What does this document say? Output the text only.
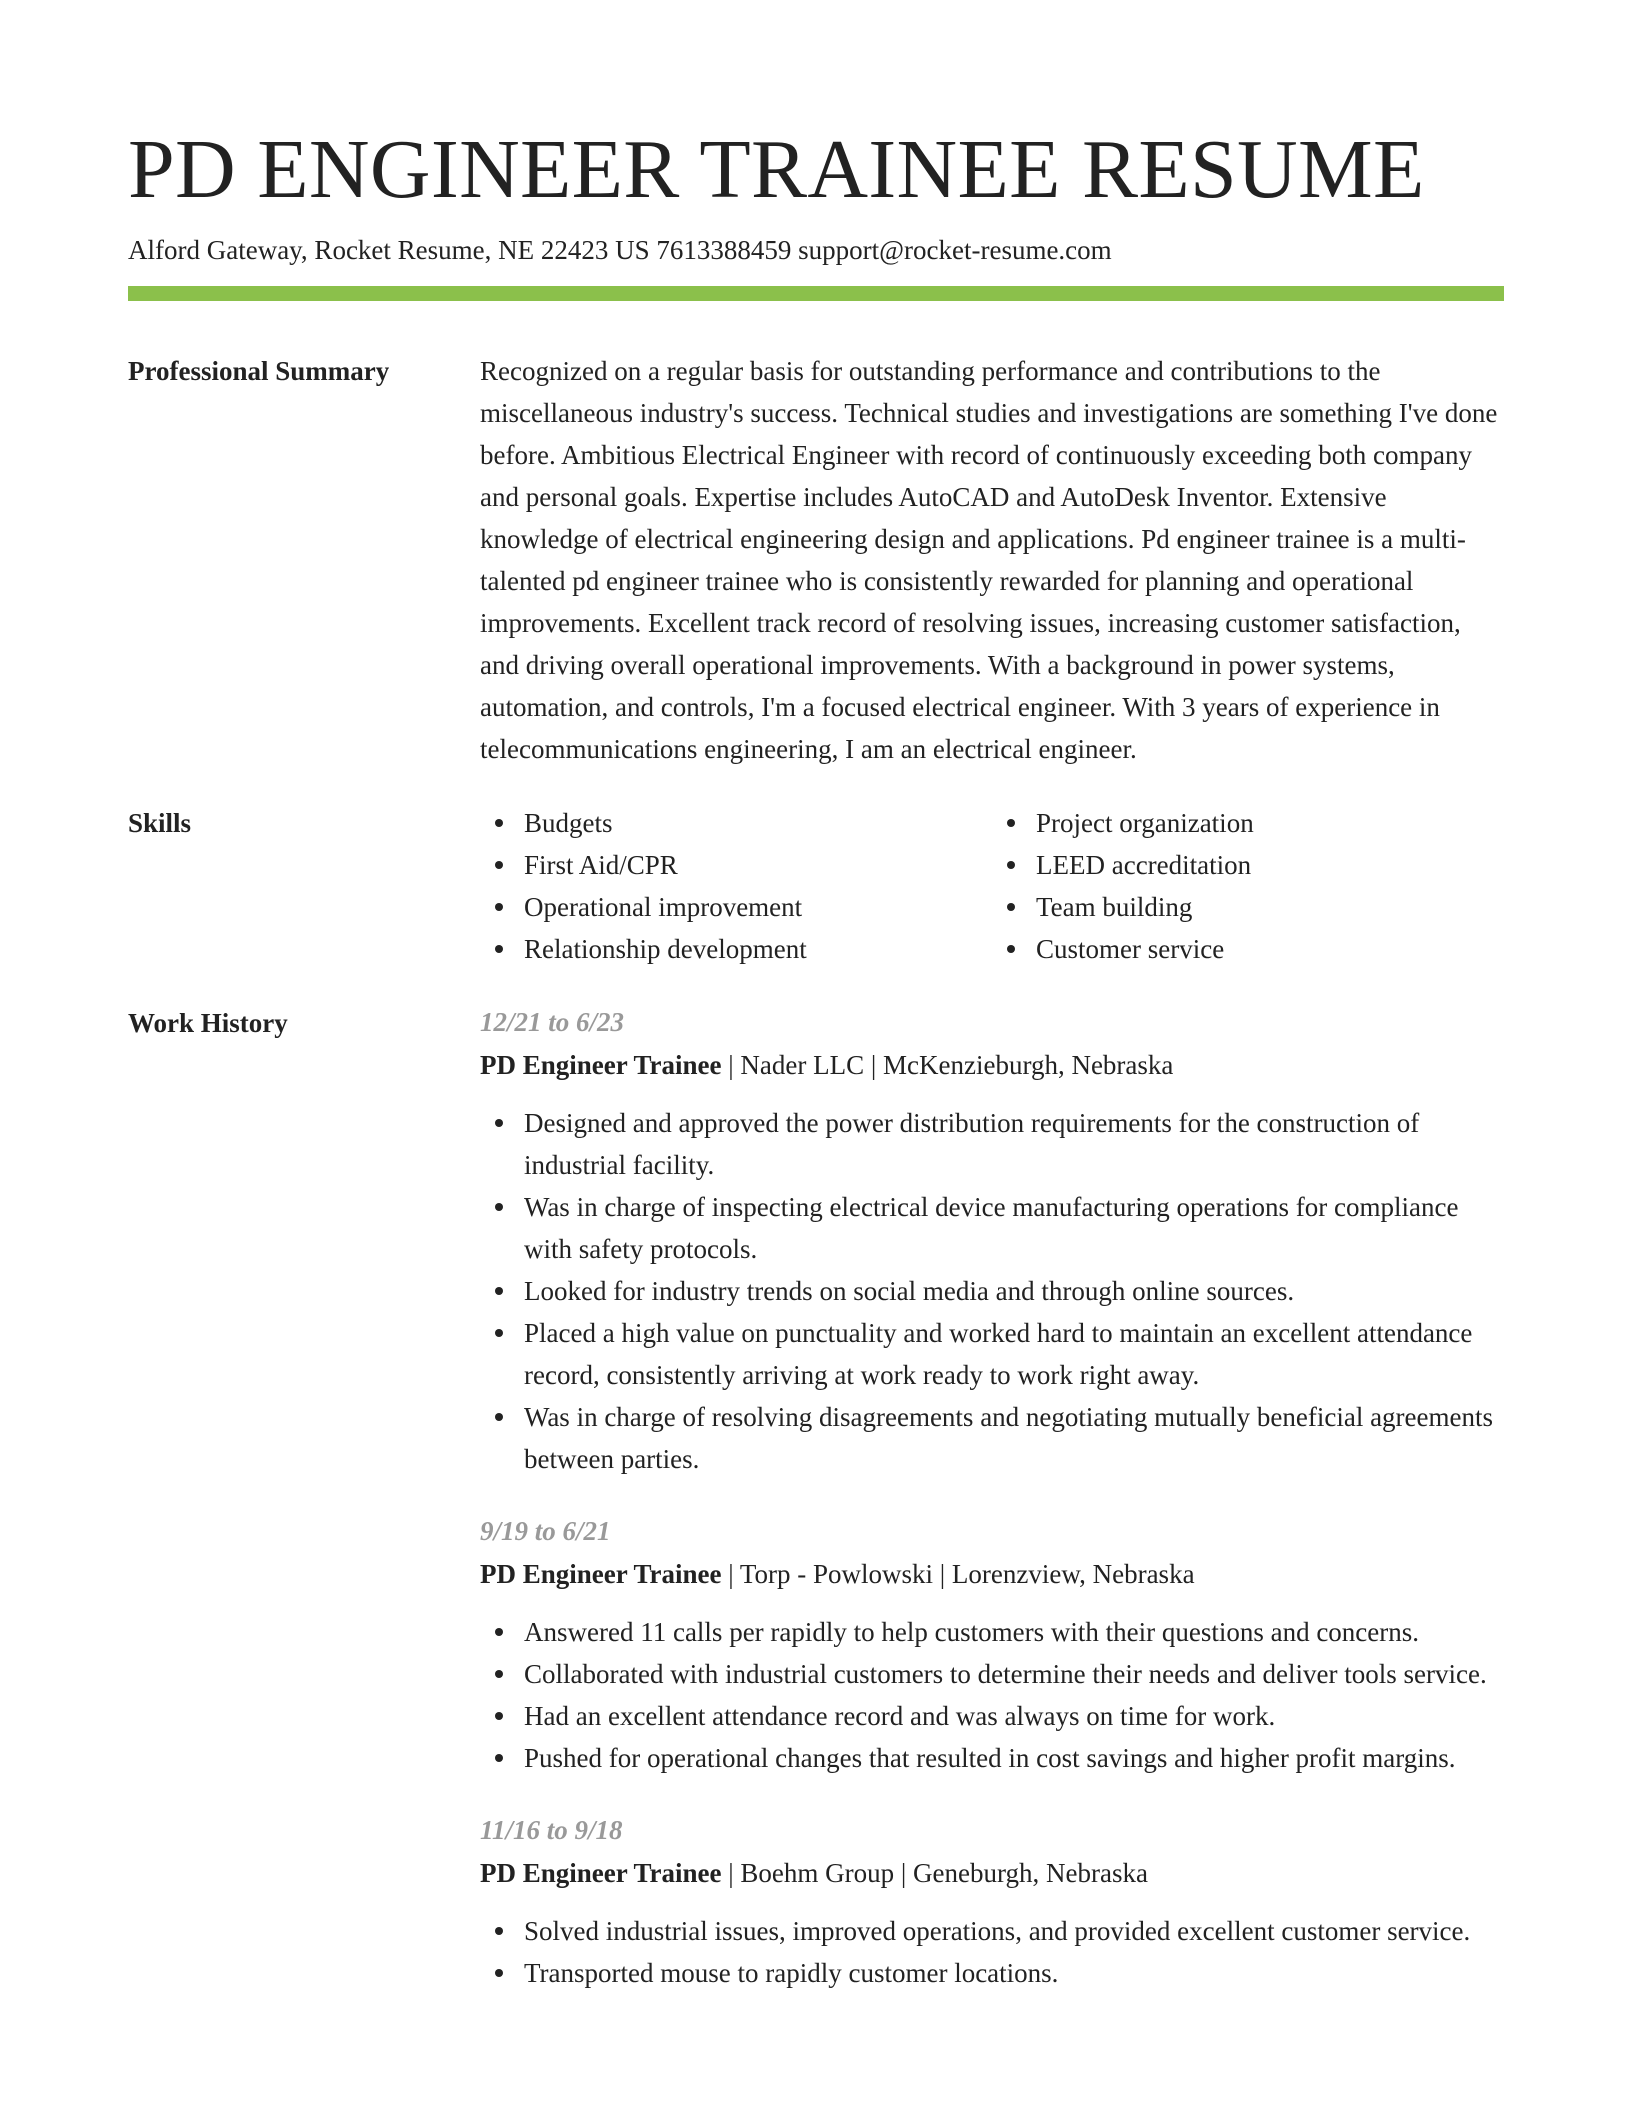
PD ENGINEER TRAINEE RESUME
Alford Gateway, Rocket Resume, NE 22423 US 7613388459 support@rocket-resume.com
Professional Summary	Recognized on a regular basis for outstanding performance and contributions to the miscellaneous industry's success. Technical studies and investigations are something I've done before. Ambitious Electrical Engineer with record of continuously exceeding both company and personal goals. Expertise includes AutoCAD and AutoDesk Inventor. Extensive knowledge of electrical engineering design and applications. Pd engineer trainee is a multi-talented pd engineer trainee who is consistently rewarded for planning and operational improvements. Excellent track record of resolving issues, increasing customer satisfaction, and driving overall operational improvements. With a background in power systems, automation, and controls, I'm a focused electrical engineer. With 3 years of experience in telecommunications engineering, I am an electrical engineer.

Skills	Budgets
First Aid/CPR
Operational improvement
Relationship development
Project organization
LEED accreditation
Team building
Customer service
Work History	12/21 to 6/23
PD Engineer Trainee | Nader LLC | McKenzieburgh, Nebraska
Designed and approved the power distribution requirements for the construction of industrial facility.
Was in charge of inspecting electrical device manufacturing operations for compliance with safety protocols.
Looked for industry trends on social media and through online sources.
Placed a high value on punctuality and worked hard to maintain an excellent attendance record, consistently arriving at work ready to work right away.
Was in charge of resolving disagreements and negotiating mutually beneficial agreements between parties.
9/19 to 6/21
PD Engineer Trainee | Torp - Powlowski | Lorenzview, Nebraska
Answered 11 calls per rapidly to help customers with their questions and concerns.
Collaborated with industrial customers to determine their needs and deliver tools service.
Had an excellent attendance record and was always on time for work.
Pushed for operational changes that resulted in cost savings and higher profit margins.
11/16 to 9/18
PD Engineer Trainee | Boehm Group | Geneburgh, Nebraska
Solved industrial issues, improved operations, and provided excellent customer service.
Transported mouse to rapidly customer locations.
